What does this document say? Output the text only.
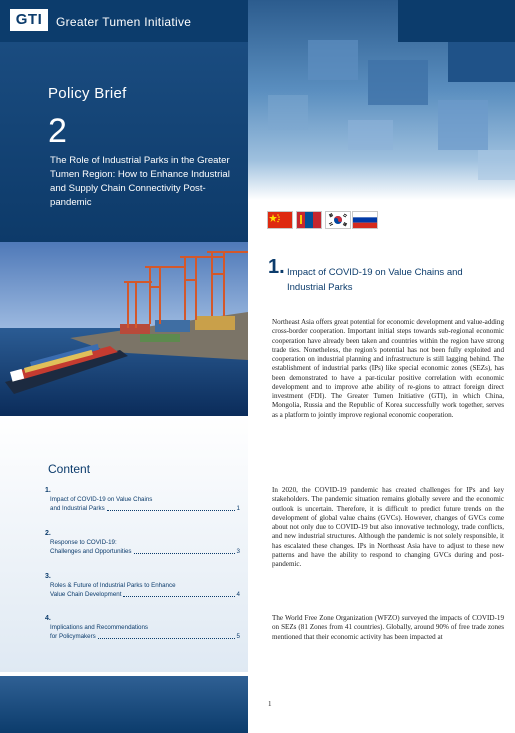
GTI	Greater Tumen Initiative
Policy Brief
2
The Role of Industrial Parks in the Greater Tumen Region: How to Enhance Industrial and Supply Chain Connectivity Post-pandemic
Content
1.
Impact of COVID-19 on Value Chains
and Industrial Parks	1
2.
Response to COVID-19:
Challenges and Opportunities	3
3.
Roles & Future of Industrial Parks to Enhance
Value Chain Development	4
4.
Implications and Recommendations
for Policymakers	5
1. Impact of COVID-19 on Value Chains and Industrial Parks

Northeast Asia offers great potential for economic development and value-adding cross-border cooperation. Important initial steps towards sub-regional economic cooperation have already been taken and countries within the region have strong trade ties. Nonetheless, the region's potential has not been fully exploited and cooperation on industrial planning and infrastructure is still lagging behind. The establishment of industrial parks (IPs) like special economic zones (SEZs), has been demonstrated to have a par-ticular positive correlation with economic development and to improve athe ability of re-gions to attract foreign direct investment (FDI). The Greater Tumen Initiative (GTI), in which China, Mongolia, Russia and the Republic of Korea successfully work together, serves as a platform to jointly improve regional economic cooperation.

In 2020, the COVID-19 pandemic has created challenges for IPs and key stakeholders. The pandemic situation remains globally severe and the economic outlook is uncertain. Therefore, it is difficult to predict future trends on the development of global value chains (GVCs). However, changes of GVCs come about not only due to COVID-19 but also innovative technology, trade conflicts, and new industrial structures. Although the pandemic is not solely responsible, it has escalated these changes. IPs in Northeast Asia have to adjust to these new patterns and have the ability to respond to changing GVCs during and post-pandemic.

The World Free Zone Organization (WFZO) surveyed the impacts of COVID-19 on SEZs (81 Zones from 41 countries). Globally, around 90% of free trade zones mentioned that their economic activity has been impacted at

1
